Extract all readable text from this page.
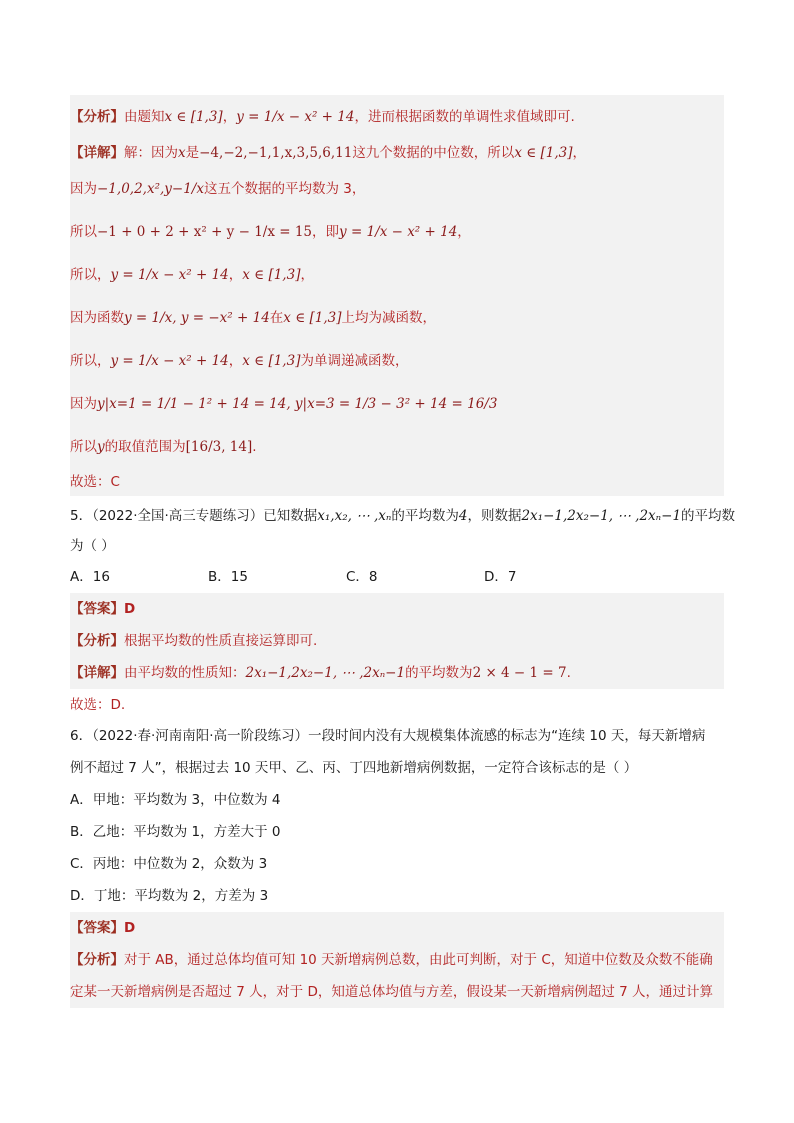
【分析】由题知x ∈ [1,3]，y = 1/x − x² + 14，进而根据函数的单调性求值域即可.
【详解】解：因为x是−4,−2,−1,1,x,3,5,6,11这九个数据的中位数，所以x ∈ [1,3]，
因为−1,0,2,x²,y−1/x这五个数据的平均数为 3，
所以−1 + 0 + 2 + x² + y − 1/x = 15，即y = 1/x − x² + 14，
所以，y = 1/x − x² + 14，x ∈ [1,3]，
因为函数y = 1/x, y = −x² + 14在x ∈ [1,3]上均为减函数，
所以，y = 1/x − x² + 14，x ∈ [1,3]为单调递减函数，
因为y|x=1 = 1/1 − 1² + 14 = 14, y|x=3 = 1/3 − 3² + 14 = 16/3
所以y的取值范围为[16/3, 14].
故选：C
5．（2022·全国·高三专题练习）已知数据x₁,x₂, ⋯ ,xₙ的平均数为4，则数据2x₁−1,2x₂−1, ⋯ ,2xₙ−1的平均数
为（ ）
A．16	B．15	C．8	D．7
【答案】D
【分析】根据平均数的性质直接运算即可.
【详解】由平均数的性质知：2x₁−1,2x₂−1, ⋯ ,2xₙ−1的平均数为2 × 4 − 1 = 7.
故选：D.
6．（2022·春·河南南阳·高一阶段练习）一段时间内没有大规模集体流感的标志为“连续 10 天，每天新增病
例不超过 7 人”，根据过去 10 天甲、乙、丙、丁四地新增病例数据，一定符合该标志的是（ ）
A．甲地：平均数为 3，中位数为 4
B．乙地：平均数为 1，方差大于 0
C．丙地：中位数为 2，众数为 3
D．丁地：平均数为 2，方差为 3
【答案】D
【分析】对于 AB，通过总体均值可知 10 天新增病例总数，由此可判断，对于 C，知道中位数及众数不能确
定某一天新增病例是否超过 7 人，对于 D，知道总体均值与方差，假设某一天新增病例超过 7 人，通过计算
